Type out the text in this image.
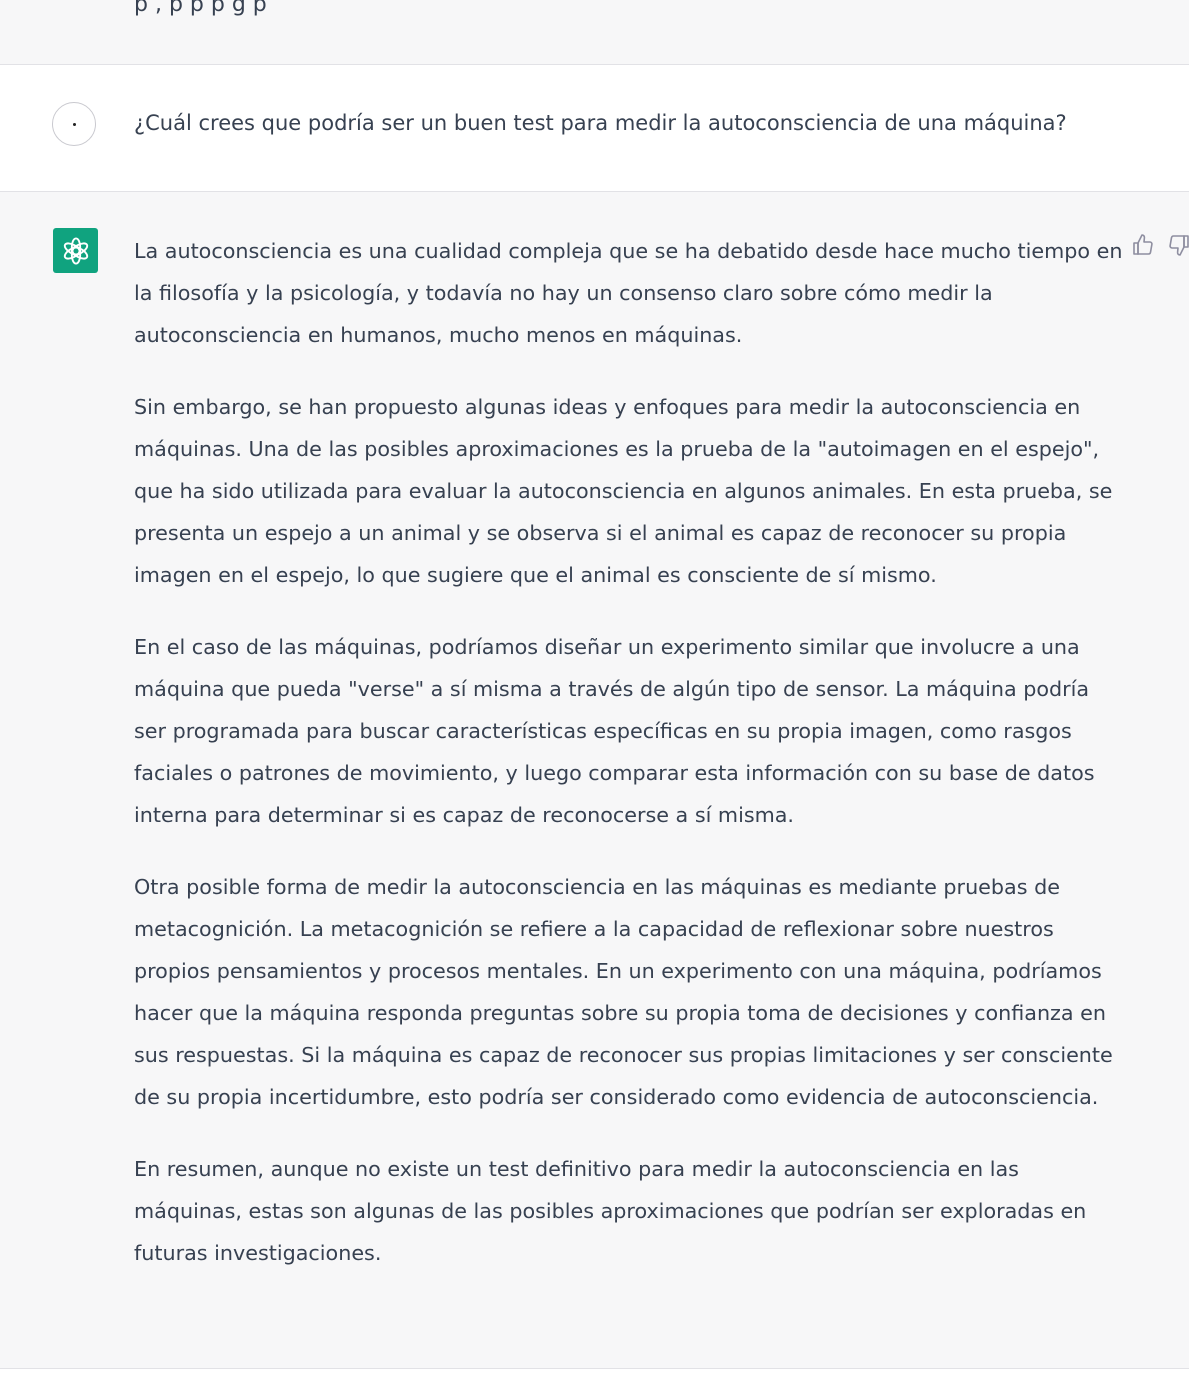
p , p p p g p
¿Cuál crees que podría ser un buen test para medir la autoconsciencia de una máquina?

La autoconsciencia es una cualidad compleja que se ha debatido desde hace mucho tiempo en la filosofía y la psicología, y todavía no hay un consenso claro sobre cómo medir la autoconsciencia en humanos, mucho menos en máquinas.

Sin embargo, se han propuesto algunas ideas y enfoques para medir la autoconsciencia en máquinas. Una de las posibles aproximaciones es la prueba de la "autoimagen en el espejo", que ha sido utilizada para evaluar la autoconsciencia en algunos animales. En esta prueba, se presenta un espejo a un animal y se observa si el animal es capaz de reconocer su propia imagen en el espejo, lo que sugiere que el animal es consciente de sí mismo.

En el caso de las máquinas, podríamos diseñar un experimento similar que involucre a una máquina que pueda "verse" a sí misma a través de algún tipo de sensor. La máquina podría ser programada para buscar características específicas en su propia imagen, como rasgos faciales o patrones de movimiento, y luego comparar esta información con su base de datos interna para determinar si es capaz de reconocerse a sí misma.

Otra posible forma de medir la autoconsciencia en las máquinas es mediante pruebas de metacognición. La metacognición se refiere a la capacidad de reflexionar sobre nuestros propios pensamientos y procesos mentales. En un experimento con una máquina, podríamos hacer que la máquina responda preguntas sobre su propia toma de decisiones y confianza en sus respuestas. Si la máquina es capaz de reconocer sus propias limitaciones y ser consciente de su propia incertidumbre, esto podría ser considerado como evidencia de autoconsciencia.

En resumen, aunque no existe un test definitivo para medir la autoconsciencia en las máquinas, estas son algunas de las posibles aproximaciones que podrían ser exploradas en futuras investigaciones.
